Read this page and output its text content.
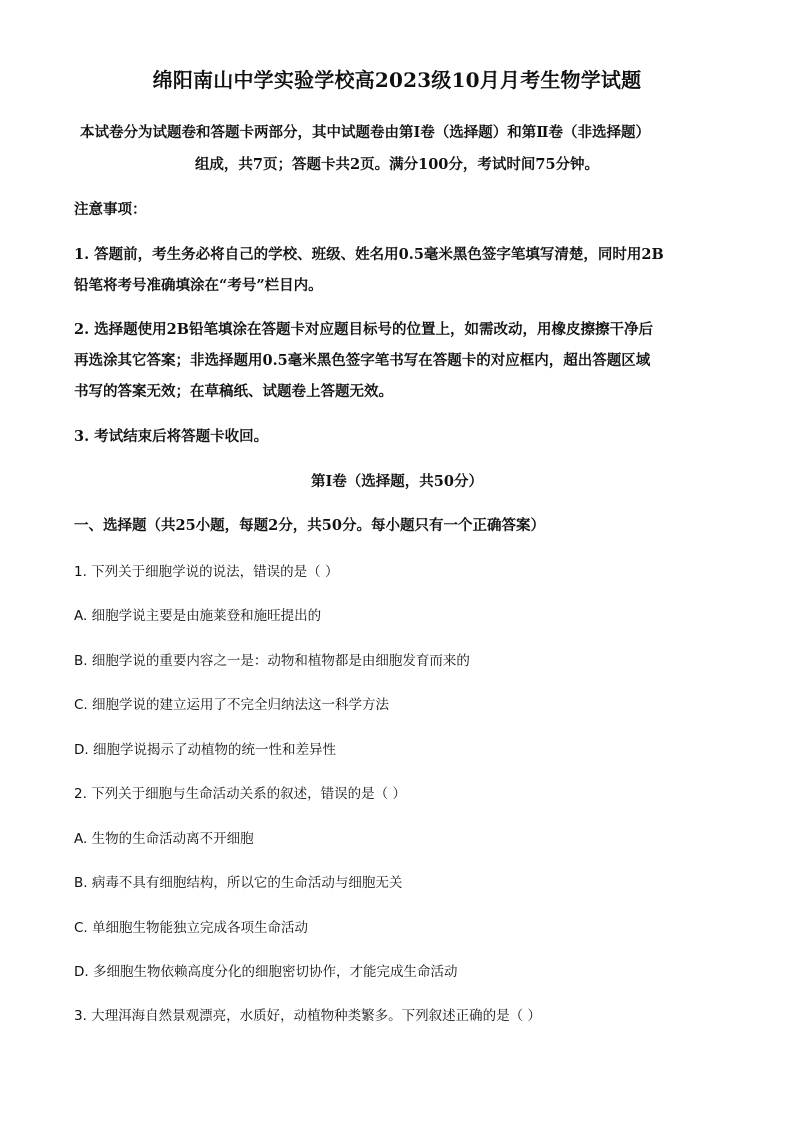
绵阳南山中学实验学校高2023级10月月考生物学试题
本试卷分为试题卷和答题卡两部分，其中试题卷由第Ⅰ卷（选择题）和第Ⅱ卷（非选择题）
组成，共7页；答题卡共2页。满分100分，考试时间75分钟。
注意事项：
1. 答题前，考生务必将自己的学校、班级、姓名用0.5毫米黑色签字笔填写清楚，同时用2B
铅笔将考号准确填涂在“考号”栏目内。
2. 选择题使用2B铅笔填涂在答题卡对应题目标号的位置上，如需改动，用橡皮擦擦干净后
再选涂其它答案；非选择题用0.5毫米黑色签字笔书写在答题卡的对应框内，超出答题区域
书写的答案无效；在草稿纸、试题卷上答题无效。
3. 考试结束后将答题卡收回。
第Ⅰ卷（选择题，共50分）
一、选择题（共25小题，每题2分，共50分。每小题只有一个正确答案）
1. 下列关于细胞学说的说法，错误的是（ ）
A. 细胞学说主要是由施莱登和施旺提出的
B. 细胞学说的重要内容之一是：动物和植物都是由细胞发育而来的
C. 细胞学说的建立运用了不完全归纳法这一科学方法
D. 细胞学说揭示了动植物的统一性和差异性
2. 下列关于细胞与生命活动关系的叙述，错误的是（ ）
A. 生物的生命活动离不开细胞
B. 病毒不具有细胞结构，所以它的生命活动与细胞无关
C. 单细胞生物能独立完成各项生命活动
D. 多细胞生物依赖高度分化的细胞密切协作，才能完成生命活动
3. 大理洱海自然景观漂亮，水质好，动植物种类繁多。下列叙述正确的是（ ）
